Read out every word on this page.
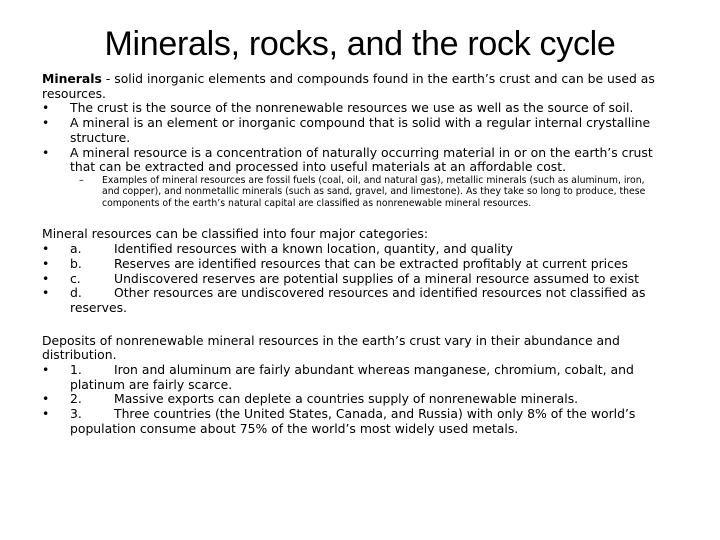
Minerals, rocks, and the rock cycle

Minerals - solid inorganic elements and compounds found in the earth’s crust and can be used as resources.

•	The crust is the source of the nonrenewable resources we use as well as the source of soil.
•	A mineral is an element or inorganic compound that is solid with a regular internal crystalline structure.
•	A mineral resource is a concentration of naturally occurring material in or on the earth’s crust that can be extracted and processed into useful materials at an affordable cost.
– Examples of mineral resources are fossil fuels (coal, oil, and natural gas), metallic minerals (such as aluminum, iron, and copper), and nonmetallic minerals (such as sand, gravel, and limestone). As they take so long to produce, these components of the earth’s natural capital are classified as nonrenewable mineral resources.

Mineral resources can be classified into four major categories:

•	a.	Identified resources with a known location, quantity, and quality
•	b.	Reserves are identified resources that can be extracted profitably at current prices
•	c.	Undiscovered reserves are potential supplies of a mineral resource assumed to exist
•	d.	Other resources are undiscovered resources and identified resources not classified as reserves.

Deposits of nonrenewable mineral resources in the earth’s crust vary in their abundance and distribution.

•	1.	Iron and aluminum are fairly abundant whereas manganese, chromium, cobalt, and platinum are fairly scarce.
•	2.	Massive exports can deplete a countries supply of nonrenewable minerals.
•	3.	Three countries (the United States, Canada, and Russia) with only 8% of the world’s population consume about 75% of the world’s most widely used metals.
